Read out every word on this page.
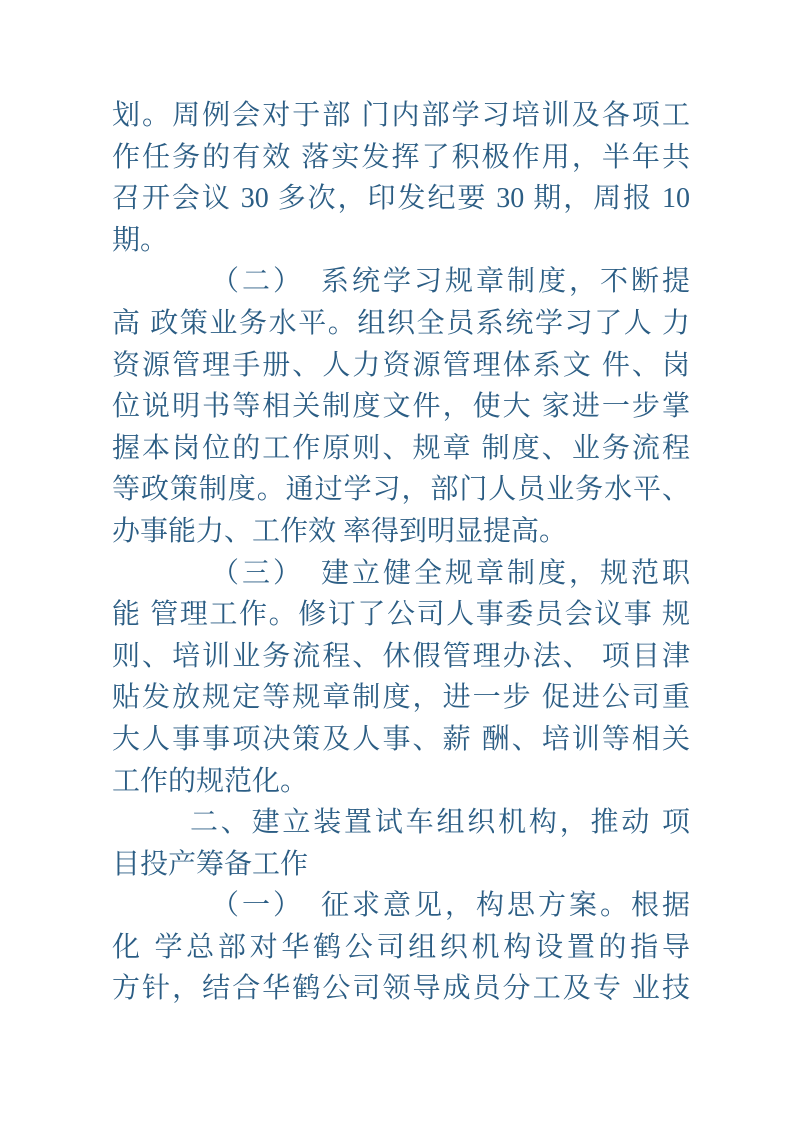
划。周例会对于部 门内部学习培训及各项工
作任务的有效 落实发挥了积极作用，半年共
召开会议 30 多次，印发纪要 30 期，周报 10
期。
（二）　系统学习规章制度，不断提
高 政策业务水平。组织全员系统学习了人 力
资源管理手册、人力资源管理体系文 件、岗
位说明书等相关制度文件，使大 家进一步掌
握本岗位的工作原则、规章 制度、业务流程
等政策制度。通过学习，部门人员业务水平、
办事能力、工作效 率得到明显提高。
（三）　建立健全规章制度，规范职
能 管理工作。修订了公司人事委员会议事 规
则、培训业务流程、休假管理办法、 项目津
贴发放规定等规章制度，进一步 促进公司重
大人事事项决策及人事、薪 酬、培训等相关
工作的规范化。
二、建立装置试车组织机构，推动 项
目投产筹备工作
（一）　征求意见，构思方案。根据
化 学总部对华鹤公司组织机构设置的指导
方针，结合华鹤公司领导成员分工及专 业技
